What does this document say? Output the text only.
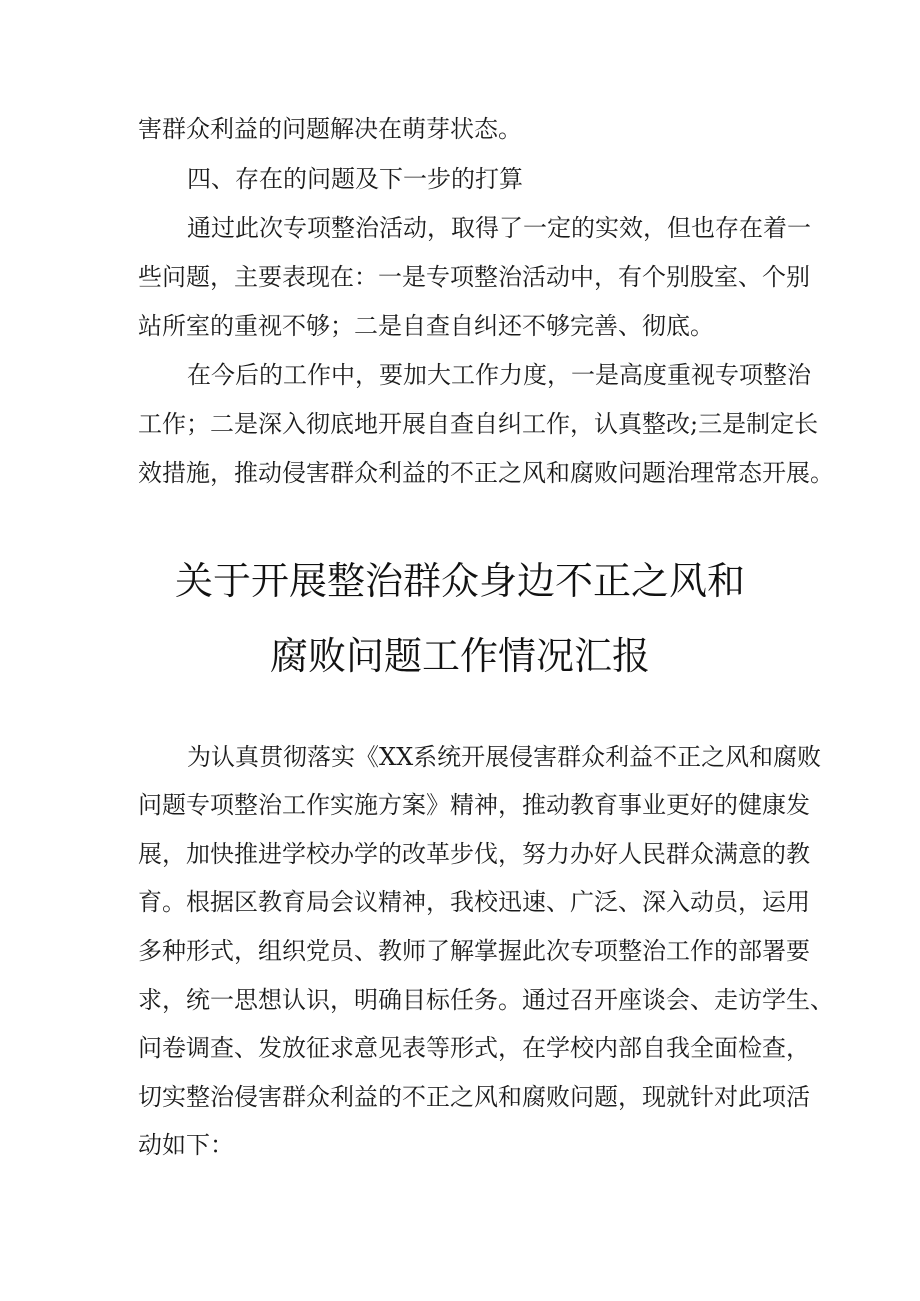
害群众利益的问题解决在萌芽状态。
四、存在的问题及下一步的打算
通过此次专项整治活动，取得了一定的实效，但也存在着一
些问题，主要表现在：一是专项整治活动中，有个别股室、个别
站所室的重视不够；二是自查自纠还不够完善、彻底。
在今后的工作中，要加大工作力度，一是高度重视专项整治
工作；二是深入彻底地开展自查自纠工作，认真整改;三是制定长
效措施，推动侵害群众利益的不正之风和腐败问题治理常态开展。
关于开展整治群众身边不正之风和
腐败问题工作情况汇报
为认真贯彻落实《XX系统开展侵害群众利益不正之风和腐败
问题专项整治工作实施方案》精神，推动教育事业更好的健康发
展，加快推进学校办学的改革步伐，努力办好人民群众满意的教
育。根据区教育局会议精神，我校迅速、广泛、深入动员，运用
多种形式，组织党员、教师了解掌握此次专项整治工作的部署要
求，统一思想认识，明确目标任务。通过召开座谈会、走访学生、
问卷调查、发放征求意见表等形式，在学校内部自我全面检查，
切实整治侵害群众利益的不正之风和腐败问题，现就针对此项活
动如下：
